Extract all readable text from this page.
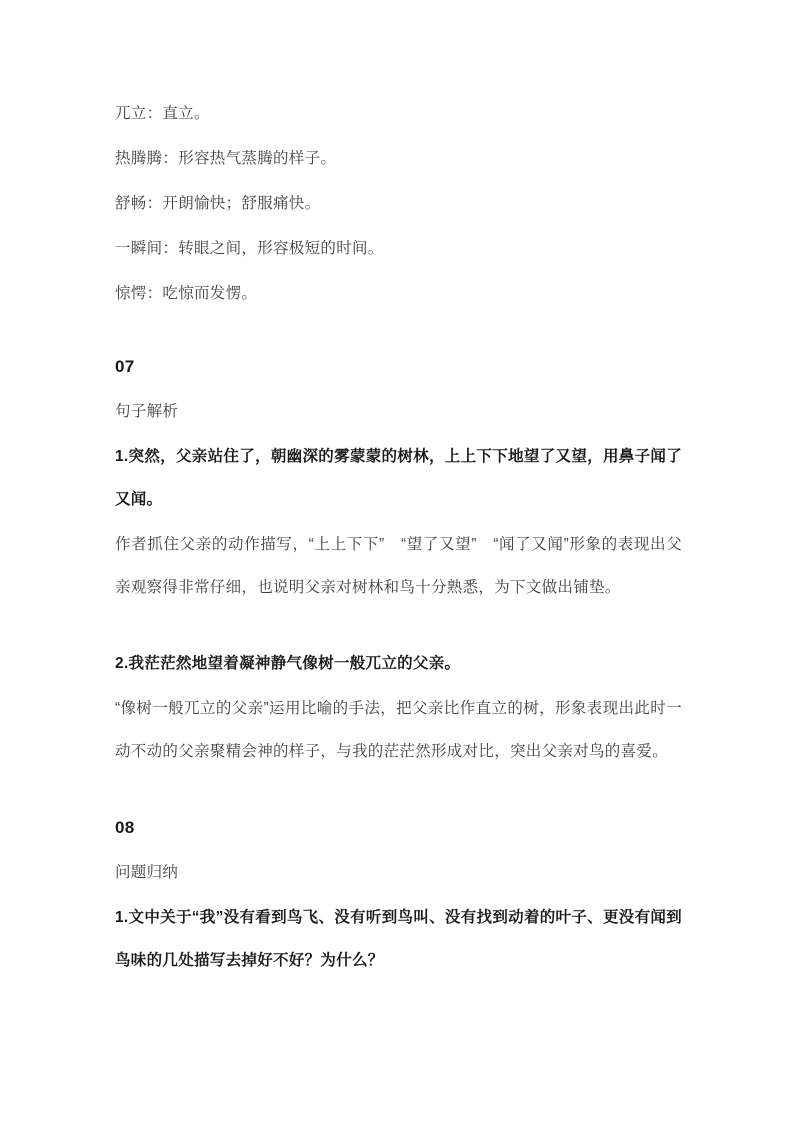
兀立：直立。

热腾腾：形容热气蒸腾的样子。

舒畅：开朗愉快；舒服痛快。

一瞬间：转眼之间，形容极短的时间。

惊愕：吃惊而发愣。

07

句子解析

1.突然，父亲站住了，朝幽深的雾蒙蒙的树林，上上下下地望了又望，用鼻子闻了又闻。

作者抓住父亲的动作描写，“上上下下”　“望了又望”　“闻了又闻”形象的表现出父亲观察得非常仔细，也说明父亲对树林和鸟十分熟悉，为下文做出铺垫。

2.我茫茫然地望着凝神静气像树一般兀立的父亲。

“像树一般兀立的父亲”运用比喻的手法，把父亲比作直立的树，形象表现出此时一动不动的父亲聚精会神的样子，与我的茫茫然形成对比，突出父亲对鸟的喜爱。

08

问题归纳

1.文中关于“我”没有看到鸟飞、没有听到鸟叫、没有找到动着的叶子、更没有闻到鸟味的几处描写去掉好不好？为什么？
